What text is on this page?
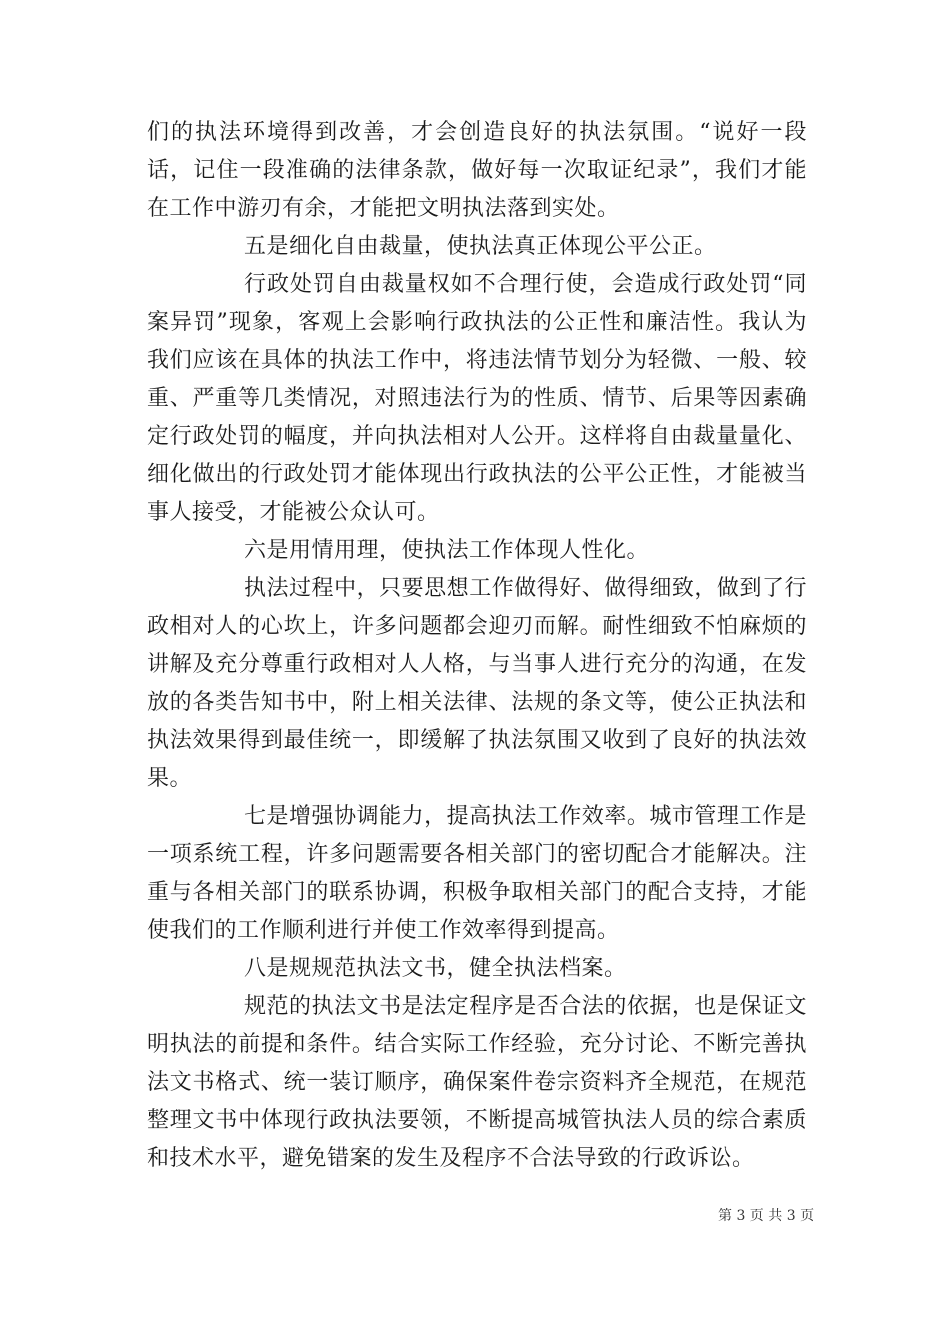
们的执法环境得到改善，才会创造良好的执法氛围。“说好一段话，记住一段准确的法律条款，做好每一次取证纪录”，我们才能在工作中游刃有余，才能把文明执法落到实处。

五是细化自由裁量，使执法真正体现公平公正。

行政处罚自由裁量权如不合理行使，会造成行政处罚“同案异罚”现象，客观上会影响行政执法的公正性和廉洁性。我认为我们应该在具体的执法工作中，将违法情节划分为轻微、一般、较重、严重等几类情况，对照违法行为的性质、情节、后果等因素确定行政处罚的幅度，并向执法相对人公开。这样将自由裁量量化、细化做出的行政处罚才能体现出行政执法的公平公正性，才能被当事人接受，才能被公众认可。

六是用情用理，使执法工作体现人性化。

执法过程中，只要思想工作做得好、做得细致，做到了行政相对人的心坎上，许多问题都会迎刃而解。耐性细致不怕麻烦的讲解及充分尊重行政相对人人格，与当事人进行充分的沟通，在发放的各类告知书中，附上相关法律、法规的条文等，使公正执法和执法效果得到最佳统一，即缓解了执法氛围又收到了良好的执法效果。

七是增强协调能力，提高执法工作效率。城市管理工作是一项系统工程，许多问题需要各相关部门的密切配合才能解决。注重与各相关部门的联系协调，积极争取相关部门的配合支持，才能使我们的工作顺利进行并使工作效率得到提高。

八是规规范执法文书，健全执法档案。

规范的执法文书是法定程序是否合法的依据，也是保证文明执法的前提和条件。结合实际工作经验，充分讨论、不断完善执法文书格式、统一装订顺序，确保案件卷宗资料齐全规范，在规范整理文书中体现行政执法要领，不断提高城管执法人员的综合素质和技术水平，避免错案的发生及程序不合法导致的行政诉讼。

第 3 页 共 3 页
